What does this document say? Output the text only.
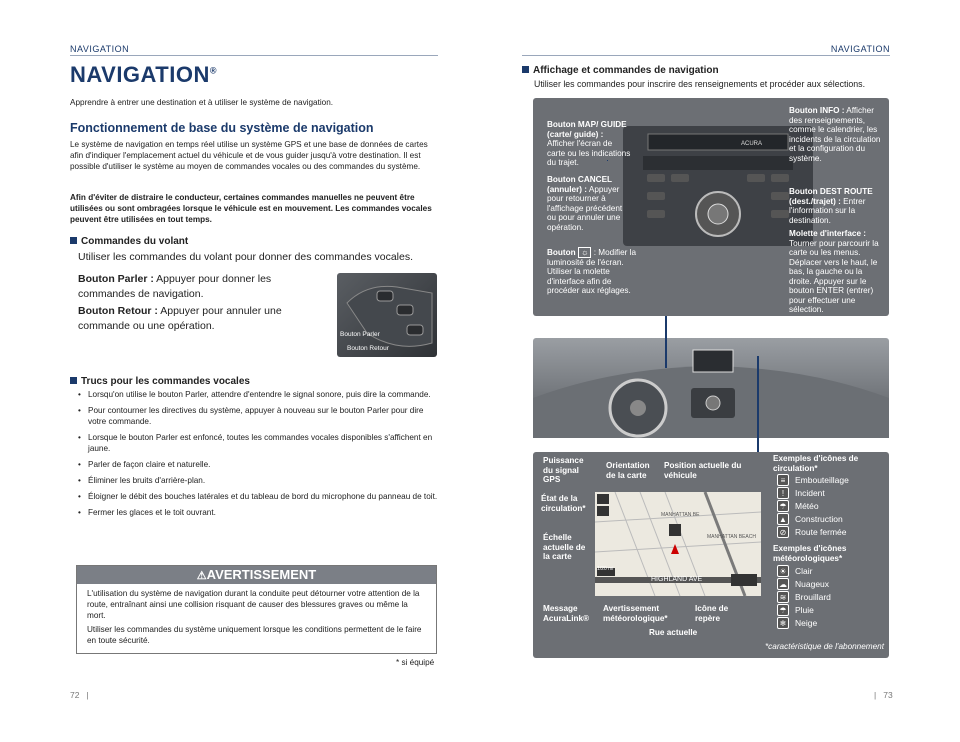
NAVIGATION
NAVIGATION®
Apprendre à entrer une destination et à utiliser le système de navigation.
Fonctionnement de base du système de navigation
Le système de navigation en temps réel utilise un système GPS et une base de données de cartes afin d'indiquer l'emplacement actuel du véhicule et de vous guider jusqu'à votre destination. Il est possible d'utiliser le système au moyen de commandes vocales ou des commandes du système.
Afin d'éviter de distraire le conducteur, certaines commandes manuelles ne peuvent être utilisées ou sont ombragées lorsque le véhicule est en mouvement. Les commandes vocales peuvent être utilisées en tout temps.
Commandes du volant
Utiliser les commandes du volant pour donner des commandes vocales.
Bouton Parler : Appuyer pour donner les commandes de navigation.
Bouton Retour : Appuyer pour annuler une commande ou une opération.
Bouton Parler
Bouton Retour
Trucs pour les commandes vocales
• Lorsqu'on utilise le bouton Parler, attendre d'entendre le signal sonore, puis dire la commande.
• Pour contourner les directives du système, appuyer à nouveau sur le bouton Parler pour dire votre commande.
• Lorsque le bouton Parler est enfoncé, toutes les commandes vocales disponibles s'affichent en jaune.
• Parler de façon claire et naturelle.
• Éliminer les bruits d'arrière-plan.
• Éloigner le débit des bouches latérales et du tableau de bord du microphone du panneau de toit.
• Fermer les glaces et le toit ouvrant.
⚠AVERTISSEMENT

L'utilisation du système de navigation durant la conduite peut détourner votre attention de la route, entraînant ainsi une collision risquant de causer des blessures graves ou même la mort.

Utiliser les commandes du système uniquement lorsque les conditions permettent de le faire en toute sécurité.

* si équipé
72   |
NAVIGATION
Affichage et commandes de navigation
Utiliser les commandes pour inscrire des renseignements et procéder aux sélections.
ACURA
Bouton MAP/ GUIDE (carte/ guide) : Afficher l'écran de carte ou les indications du trajet.
Bouton CANCEL (annuler) : Appuyer pour retourner à l'affichage précédent ou pour annuler une opération.
Bouton ☼ : Modifier la luminosité de l'écran. Utiliser la molette d'interface afin de procéder aux réglages.
Bouton INFO : Afficher des renseignements, comme le calendrier, les incidents de la circulation et la configuration du système.
Bouton DEST ROUTE (dest./trajet) : Entrer l'information sur la destination.
Molette d'interface : Tourner pour parcourir la carte ou les menus. Déplacer vers le haut, le bas, la gauche ou la droite. Appuyer sur le bouton ENTER (entrer) pour effectuer une sélection.
HIGHLAND AVE
MANHATTAN BE
MANHATTAN BEACH
1/20 mi
Puissance du signal GPS
Orientation de la carte
Position actuelle du véhicule
État de la circulation*
Échelle actuelle de la carte
Message AcuraLink®
Avertissement météorologique*
Icône de repère
Rue actuelle
Exemples d'icônes de circulation*
≡	Embouteillage
!	Incident
☂ Météo
▲ Construction
⊘	Route fermée
Exemples d'icônes météorologiques*
☀ Clair
☁ Nuageux
≋	Brouillard
☂ Pluie
❄	Neige
*caractéristique de l'abonnement
|   73
